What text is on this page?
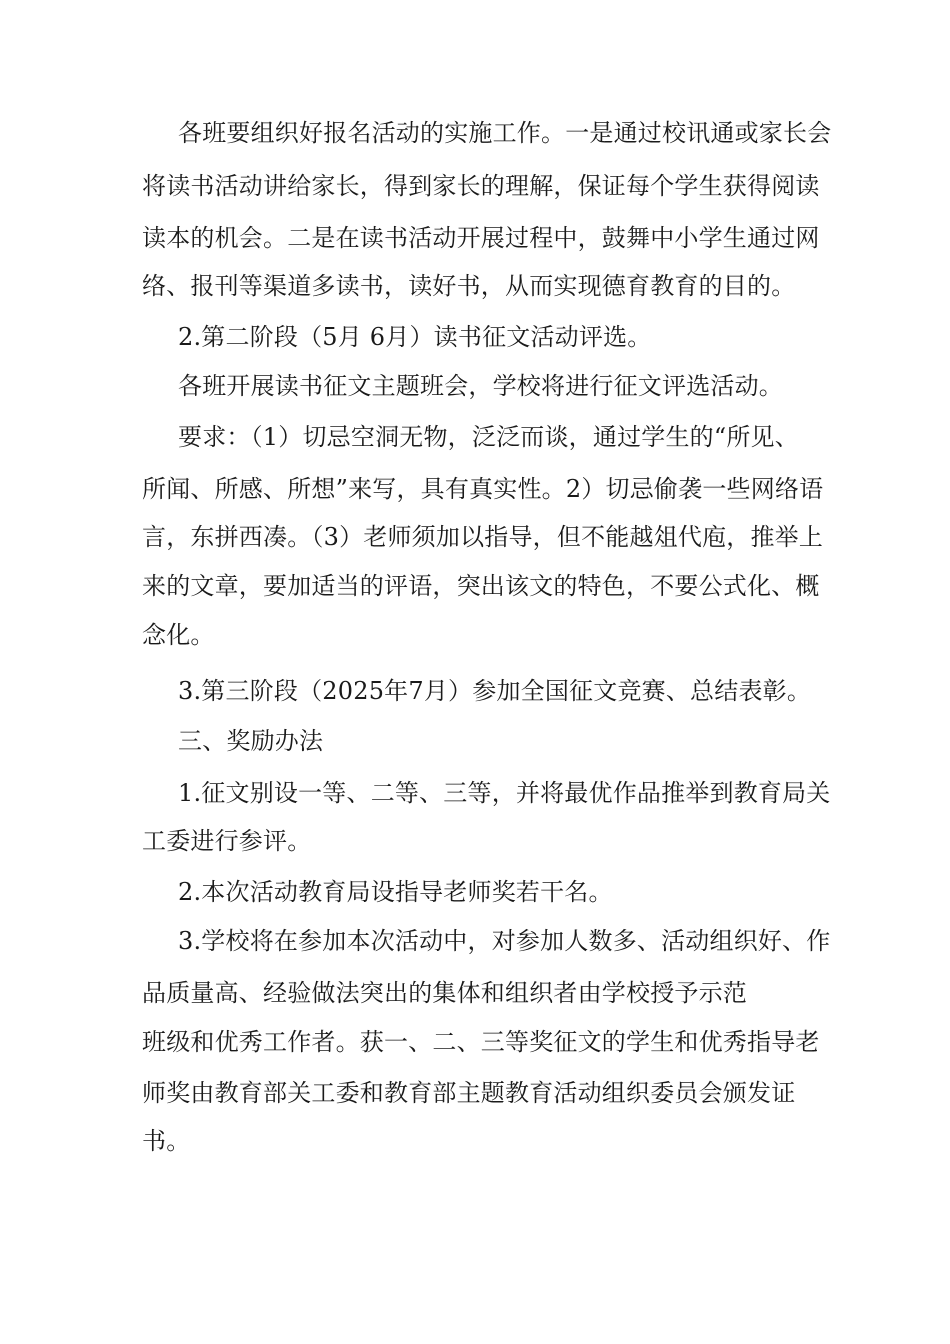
各班要组织好报名活动的实施工作。一是通过校讯通或家长会
将读书活动讲给家长，得到家长的理解，保证每个学生获得阅读
读本的机会。二是在读书活动开展过程中，鼓舞中小学生通过网
络、报刊等渠道多读书，读好书，从而实现德育教育的目的。
2.第二阶段（5月 6月）读书征文活动评选。
各班开展读书征文主题班会，学校将进行征文评选活动。
要求：（1）切忌空洞无物，泛泛而谈，通过学生的“所见、
所闻、所感、所想”来写，具有真实性。2）切忌偷袭一些网络语
言，东拼西凑。（3）老师须加以指导，但不能越俎代庖，推举上
来的文章，要加适当的评语，突出该文的特色，不要公式化、概
念化。
3.第三阶段（2025年7月）参加全国征文竞赛、总结表彰。
三、奖励办法
1.征文别设一等、二等、三等，并将最优作品推举到教育局关
工委进行参评。
2.本次活动教育局设指导老师奖若干名。
3.学校将在参加本次活动中，对参加人数多、活动组织好、作
品质量高、经验做法突出的集体和组织者由学校授予示范
班级和优秀工作者。获一、二、三等奖征文的学生和优秀指导老
师奖由教育部关工委和教育部主题教育活动组织委员会颁发证
书。
